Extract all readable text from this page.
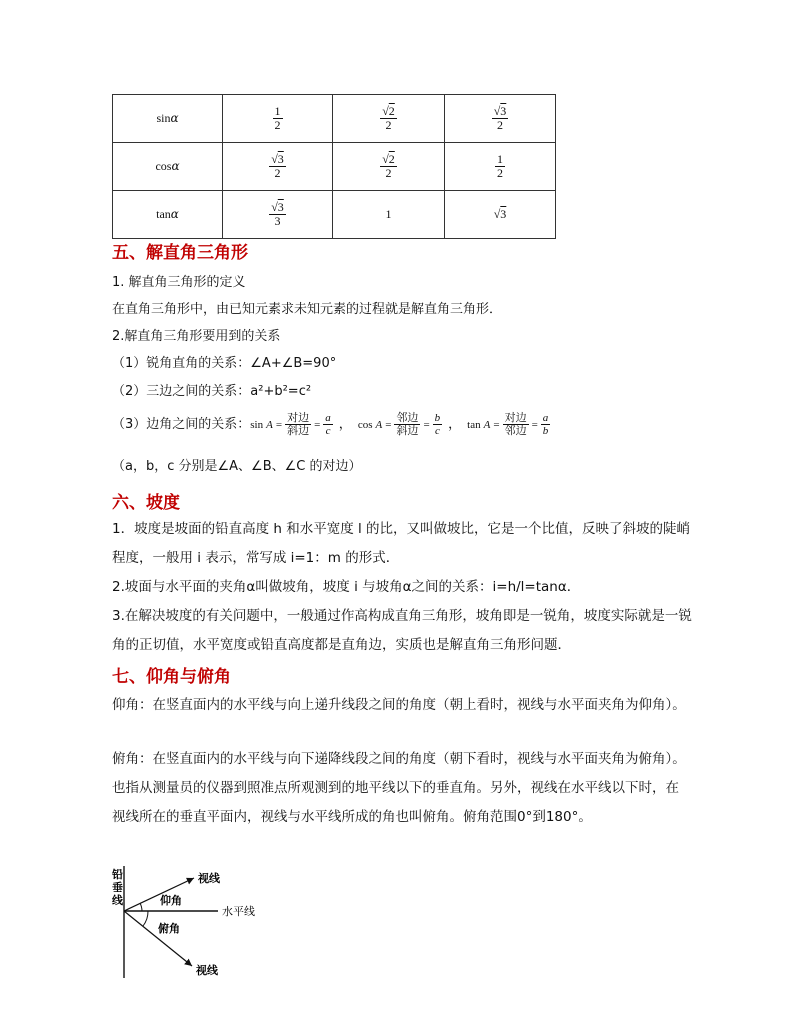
sinα	$\frac{1}{2}$	√ $\frac{2}{2}$	√ $\frac{3}{2}$

cosα	√ $\frac{3}{2}$	√ $\frac{2}{2}$	$\frac{1}{2}$

tanα	√ $\frac{3}{3}$	1	√ 3
五、解直角三角形

1. 解直角三角形的定义

在直角三角形中，由已知元素求未知元素的过程就是解直角三角形．

2.解直角三角形要用到的关系

（1）锐角直角的关系：∠A+∠B=90°

（2）三边之间的关系：a²+b²=c²

（3）边角之间的关系： $\sin A = \frac{\text{对边}}{\text{斜边}} = \frac{a}{c}$ ， $\cos A = \frac{\text{邻边}}{\text{斜边}} = \frac{b}{c}$ ， $\tan A = \frac{\text{对边}}{\text{邻边}} = \frac{a}{b}$

（a，b，c 分别是∠A、∠B、∠C 的对边）

六、坡度

1．坡度是坡面的铅直高度 h 和水平宽度 l 的比，又叫做坡比，它是一个比值，反映了斜坡的陡峭程度，一般用 i 表示，常写成 i=1：m 的形式．

2.坡面与水平面的夹角α叫做坡角，坡度 i 与坡角α之间的关系：i=h/l=tanα．

3.在解决坡度的有关问题中，一般通过作高构成直角三角形，坡角即是一锐角，坡度实际就是一锐角的正切值，水平宽度或铅直高度都是直角边，实质也是解直角三角形问题．

七、仰角与俯角

仰角：在竖直面内的水平线与向上递升线段之间的角度（朝上看时，视线与水平面夹角为仰角）。

俯角：在竖直面内的水平线与向下递降线段之间的角度（朝下看时，视线与水平面夹角为俯角）。也指从测量员的仪器到照准点所观测到的地平线以下的垂直角。另外，视线在水平线以下时，在视线所在的垂直平面内，视线与水平线所成的角也叫俯角。俯角范围0°到180°。

铅
垂
线
视线
仰角
水平线
俯角
视线
